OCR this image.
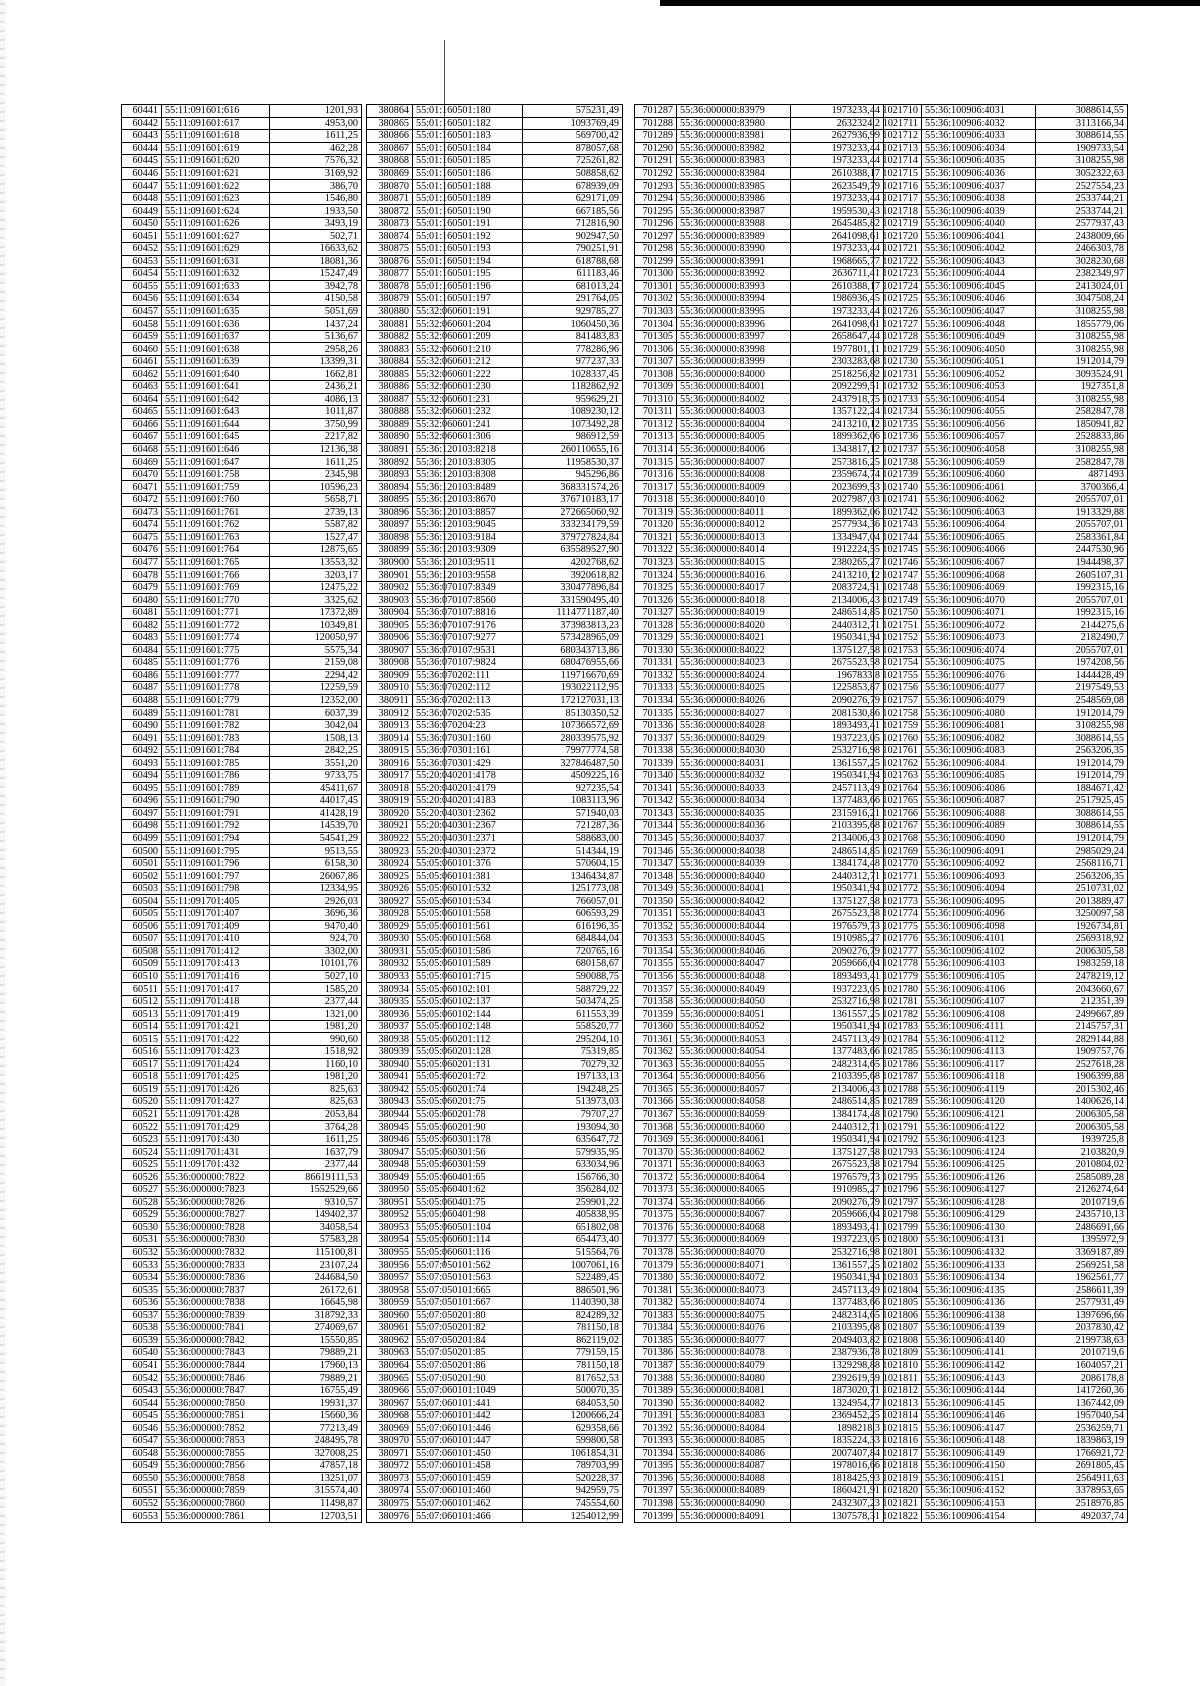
60441	55:11:091601:616	1201,93
60442	55:11:091601:617	4953,00
60443	55:11:091601:618	1611,25
60444	55:11:091601:619	462,28
60445	55:11:091601:620	7576,32
60446	55:11:091601:621	3169,92
60447	55:11:091601:622	386,70
60448	55:11:091601:623	1546,80
60449	55:11:091601:624	1933,50
60450	55:11:091601:626	3493,19
60451	55:11:091601:627	502,71
60452	55:11:091601:629	16633,62
60453	55:11:091601:631	18081,36
60454	55:11:091601:632	15247,49
60455	55:11:091601:633	3942,78
60456	55:11:091601:634	4150,58
60457	55:11:091601:635	5051,69
60458	55:11:091601:636	1437,24
60459	55:11:091601:637	5136,67
60460	55:11:091601:638	2958,26
60461	55:11:091601:639	13399,31
60462	55:11:091601:640	1662,81
60463	55:11:091601:641	2436,21
60464	55:11:091601:642	4086,13
60465	55:11:091601:643	1011,87
60466	55:11:091601:644	3750,99
60467	55:11:091601:645	2217,82
60468	55:11:091601:646	12136,38
60469	55:11:091601:647	1611,25
60470	55:11:091601:758	2345,98
60471	55:11:091601:759	10596,23
60472	55:11:091601:760	5658,71
60473	55:11:091601:761	2739,13
60474	55:11:091601:762	5587,82
60475	55:11:091601:763	1527,47
60476	55:11:091601:764	12875,65
60477	55:11:091601:765	13553,32
60478	55:11:091601:766	3203,17
60479	55:11:091601:769	12475,22
60480	55:11:091601:770	3325,62
60481	55:11:091601:771	17372,89
60482	55:11:091601:772	10349,81
60483	55:11:091601:774	120050,97
60484	55:11:091601:775	5575,34
60485	55:11:091601:776	2159,08
60486	55:11:091601:777	2294,42
60487	55:11:091601:778	12259,59
60488	55:11:091601:779	12352,00
60489	55:11:091601:781	6037,39
60490	55:11:091601:782	3042,04
60491	55:11:091601:783	1508,13
60492	55:11:091601:784	2842,25
60493	55:11:091601:785	3551,20
60494	55:11:091601:786	9733,75
60495	55:11:091601:789	45411,67
60496	55:11:091601:790	44017,45
60497	55:11:091601:791	41428,19
60498	55:11:091601:792	14539,70
60499	55:11:091601:794	54541,29
60500	55:11:091601:795	9513,55
60501	55:11:091601:796	6158,30
60502	55:11:091601:797	26067,86
60503	55:11:091601:798	12334,95
60504	55:11:091701:405	2926,03
60505	55:11:091701:407	3696,36
60506	55:11:091701:409	9470,40
60507	55:11:091701:410	924,70
60508	55:11:091701:412	3302,00
60509	55:11:091701:413	10101,76
60510	55:11:091701:416	5027,10
60511	55:11:091701:417	1585,20
60512	55:11:091701:418	2377,44
60513	55:11:091701:419	1321,00
60514	55:11:091701:421	1981,20
60515	55:11:091701:422	990,60
60516	55:11:091701:423	1518,92
60517	55:11:091701:424	1160,10
60518	55:11:091701:425	1981,20
60519	55:11:091701:426	825,63
60520	55:11:091701:427	825,63
60521	55:11:091701:428	2053,84
60522	55:11:091701:429	3764,28
60523	55:11:091701:430	1611,25
60524	55:11:091701:431	1637,79
60525	55:11:091701:432	2377,44
60526	55:36:000000:7822	86619111,53
60527	55:36:000000:7823	1552529,66
60528	55:36:000000:7826	9310,57
60529	55:36:000000:7827	149402,37
60530	55:36:000000:7828	34058,54
60531	55:36:000000:7830	57583,28
60532	55:36:000000:7832	115100,81
60533	55:36:000000:7833	23107,24
60534	55:36:000000:7836	244684,50
60535	55:36:000000:7837	26172,61
60536	55:36:000000:7838	16645,98
60537	55:36:000000:7839	318792,33
60538	55:36:000000:7841	274069,67
60539	55:36:000000:7842	15550,85
60540	55:36:000000:7843	79889,21
60541	55:36:000000:7844	17960,13
60542	55:36:000000:7846	79889,21
60543	55:36:000000:7847	16755,49
60544	55:36:000000:7850	19931,37
60545	55:36:000000:7851	15660,36
60546	55:36:000000:7852	77213,49
60547	55:36:000000:7853	248495,78
60548	55:36:000000:7855	327008,25
60549	55:36:000000:7856	47857,18
60550	55:36:000000:7858	13251,07
60551	55:36:000000:7859	315574,40
60552	55:36:000000:7860	11498,87
60553	55:36:000000:7861	12703,51
380864	55:01:160501:180	575231,49
380865	55:01:160501:182	1093769,49
380866	55:01:160501:183	569700,42
380867	55:01:160501:184	878057,68
380868	55:01:160501:185	725261,82
380869	55:01:160501:186	508858,62
380870	55:01:160501:188	678939,09
380871	55:01:160501:189	629171,09
380872	55:01:160501:190	667185,56
380873	55:01:160501:191	712816,90
380874	55:01:160501:192	902947,50
380875	55:01:160501:193	790251,91
380876	55:01:160501:194	618788,68
380877	55:01:160501:195	611183,46
380878	55:01:160501:196	681013,24
380879	55:01:160501:197	291764,05
380880	55:32:060601:191	929785,27
380881	55:32:060601:204	1060450,36
380882	55:32:060601:209	841483,83
380883	55:32:060601:210	778286,96
380884	55:32:060601:212	977237,33
380885	55:32:060601:222	1028337,45
380886	55:32:060601:230	1182862,92
380887	55:32:060601:231	959629,21
380888	55:32:060601:232	1089230,12
380889	55:32:060601:241	1073492,28
380890	55:32:060601:306	986912,59
380891	55:36:120103:8218	260110655,16
380892	55:36:120103:8305	11958530,37
380893	55:36:120103:8308	945296,86
380894	55:36:120103:8489	368331574,26
380895	55:36:120103:8670	376710183,17
380896	55:36:120103:8857	272665060,92
380897	55:36:120103:9045	333234179,59
380898	55:36:120103:9184	379727824,84
380899	55:36:120103:9309	635589527,90
380900	55:36:120103:9511	4202768,62
380901	55:36:120103:9558	3920618,82
380902	55:36:070107:8349	330477896,84
380903	55:36:070107:8560	331590495,40
380904	55:36:070107:8816	1114771187,40
380905	55:36:070107:9176	373983813,23
380906	55:36:070107:9277	573428965,09
380907	55:36:070107:9531	680343713,86
380908	55:36:070107:9824	680476955,66
380909	55:36:070202:111	119716670,69
380910	55:36:070202:112	193022112,95
380911	55:36:070202:113	172127031,13
380912	55:36:070202:535	85130350,52
380913	55:36:070204:23	107366572,69
380914	55:36:070301:160	280339575,92
380915	55:36:070301:161	79977774,58
380916	55:36:070301:429	327846487,50
380917	55:20:040201:4178	4509225,16
380918	55:20:040201:4179	927235,54
380919	55:20:040201:4183	1083113,96
380920	55:20:040301:2362	571940,03
380921	55:20:040301:2367	721287,36
380922	55:20:040301:2371	588683,00
380923	55:20:040301:2372	514344,19
380924	55:05:060101:376	570604,15
380925	55:05:060101:381	1346434,87
380926	55:05:060101:532	1251773,08
380927	55:05:060101:534	766057,01
380928	55:05:060101:558	606593,29
380929	55:05:060101:561	616196,35
380930	55:05:060101:568	684844,04
380931	55:05:060101:586	720765,16
380932	55:05:060101:589	680158,67
380933	55:05:060101:715	590088,75
380934	55:05:060102:101	588729,22
380935	55:05:060102:137	503474,25
380936	55:05:060102:144	611553,39
380937	55:05:060102:148	558520,77
380938	55:05:060201:112	295204,10
380939	55:05:060201:128	75319,85
380940	55:05:060201:131	70279,32
380941	55:05:060201:72	197133,13
380942	55:05:060201:74	194248,25
380943	55:05:060201:75	513973,03
380944	55:05:060201:78	79707,27
380945	55:05:060201:90	193094,30
380946	55:05:060301:178	635647,72
380947	55:05:060301:56	579935,95
380948	55:05:060301:59	633034,96
380949	55:05:060401:65	156766,30
380950	55:05:060401:62	356284,02
380951	55:05:060401:75	259901,22
380952	55:05:060401:98	405838,95
380953	55:05:060501:104	651802,08
380954	55:05:060601:114	654473,40
380955	55:05:060601:116	515564,76
380956	55:07:050101:562	1007061,16
380957	55:07:050101:563	522489,45
380958	55:07:050101:665	886501,96
380959	55:07:050101:667	1140390,38
380960	55:07:050201:80	824289,32
380961	55:07:050201:82	781150,18
380962	55:07:050201:84	862119,02
380963	55:07:050201:85	779159,15
380964	55:07:050201:86	781150,18
380965	55:07:050201:90	817652,53
380966	55:07:060101:1049	500070,35
380967	55:07:060101:441	684053,50
380968	55:07:060101:442	1200666,24
380969	55:07:060101:446	629358,66
380970	55:07:060101:447	599800,58
380971	55:07:060101:450	1061854,31
380972	55:07:060101:458	789703,99
380973	55:07:060101:459	520228,37
380974	55:07:060101:460	942959,75
380975	55:07:060101:462	745554,60
380976	55:07:060101:466	1254012,99
701287	55:36:000000:83979	1973233,44
701288	55:36:000000:83980	2632324,2
701289	55:36:000000:83981	2627936,99
701290	55:36:000000:83982	1973233,44
701291	55:36:000000:83983	1973233,44
701292	55:36:000000:83984	2610388,17
701293	55:36:000000:83985	2623549,79
701294	55:36:000000:83986	1973233,44
701295	55:36:000000:83987	1959530,43
701296	55:36:000000:83988	2645485,82
701297	55:36:000000:83989	2641098,61
701298	55:36:000000:83990	1973233,44
701299	55:36:000000:83991	1968665,77
701300	55:36:000000:83992	2636711,41
701301	55:36:000000:83993	2610388,17
701302	55:36:000000:83994	1986936,45
701303	55:36:000000:83995	1973233,44
701304	55:36:000000:83996	2641098,61
701305	55:36:000000:83997	2658647,44
701306	55:36:000000:83998	1977801,11
701307	55:36:000000:83999	2303283,68
701308	55:36:000000:84000	2518256,82
701309	55:36:000000:84001	2092299,51
701310	55:36:000000:84002	2437918,75
701311	55:36:000000:84003	1357122,24
701312	55:36:000000:84004	2413210,12
701313	55:36:000000:84005	1899362,06
701314	55:36:000000:84006	1343817,12
701315	55:36:000000:84007	2573816,25
701316	55:36:000000:84008	2359674,74
701317	55:36:000000:84009	2023699,53
701318	55:36:000000:84010	2027987,03
701319	55:36:000000:84011	1899362,06
701320	55:36:000000:84012	2577934,36
701321	55:36:000000:84013	1334947,04
701322	55:36:000000:84014	1912224,55
701323	55:36:000000:84015	2380265,27
701324	55:36:000000:84016	2413210,12
701325	55:36:000000:84017	2083724,51
701326	55:36:000000:84018	2134006,43
701327	55:36:000000:84019	2486514,85
701328	55:36:000000:84020	2440312,71
701329	55:36:000000:84021	1950341,94
701330	55:36:000000:84022	1375127,58
701331	55:36:000000:84023	2675523,58
701332	55:36:000000:84024	1967833,8
701333	55:36:000000:84025	1225853,87
701334	55:36:000000:84026	2090276,79
701335	55:36:000000:84027	2081530,86
701336	55:36:000000:84028	1893493,41
701337	55:36:000000:84029	1937223,05
701338	55:36:000000:84030	2532716,98
701339	55:36:000000:84031	1361557,25
701340	55:36:000000:84032	1950341,94
701341	55:36:000000:84033	2457113,49
701342	55:36:000000:84034	1377483,66
701343	55:36:000000:84035	2315916,21
701344	55:36:000000:84036	2103395,68
701345	55:36:000000:84037	2134006,43
701346	55:36:000000:84038	2486514,85
701347	55:36:000000:84039	1384174,48
701348	55:36:000000:84040	2440312,71
701349	55:36:000000:84041	1950341,94
701350	55:36:000000:84042	1375127,58
701351	55:36:000000:84043	2675523,58
701352	55:36:000000:84044	1976579,73
701353	55:36:000000:84045	1910985,27
701354	55:36:000000:84046	2090276,79
701355	55:36:000000:84047	2059666,04
701356	55:36:000000:84048	1893493,41
701357	55:36:000000:84049	1937223,05
701358	55:36:000000:84050	2532716,98
701359	55:36:000000:84051	1361557,25
701360	55:36:000000:84052	1950341,94
701361	55:36:000000:84053	2457113,49
701362	55:36:000000:84054	1377483,66
701363	55:36:000000:84055	2482314,65
701364	55:36:000000:84056	2103395,68
701365	55:36:000000:84057	2134006,43
701366	55:36:000000:84058	2486514,85
701367	55:36:000000:84059	1384174,48
701368	55:36:000000:84060	2440312,71
701369	55:36:000000:84061	1950341,94
701370	55:36:000000:84062	1375127,58
701371	55:36:000000:84063	2675523,58
701372	55:36:000000:84064	1976579,73
701373	55:36:000000:84065	1910985,27
701374	55:36:000000:84066	2090276,79
701375	55:36:000000:84067	2059666,04
701376	55:36:000000:84068	1893493,41
701377	55:36:000000:84069	1937223,05
701378	55:36:000000:84070	2532716,98
701379	55:36:000000:84071	1361557,25
701380	55:36:000000:84072	1950341,94
701381	55:36:000000:84073	2457113,49
701382	55:36:000000:84074	1377483,66
701383	55:36:000000:84075	2482314,65
701384	55:36:000000:84076	2103395,68
701385	55:36:000000:84077	2049403,82
701386	55:36:000000:84078	2387936,78
701387	55:36:000000:84079	1329298,88
701388	55:36:000000:84080	2392619,59
701389	55:36:000000:84081	1873020,71
701390	55:36:000000:84082	1324954,77
701391	55:36:000000:84083	2369452,25
701392	55:36:000000:84084	1898218,3
701393	55:36:000000:84085	1835224,33
701394	55:36:000000:84086	2007407,84
701395	55:36:000000:84087	1978016,66
701396	55:36:000000:84088	1818425,93
701397	55:36:000000:84089	1860421,91
701398	55:36:000000:84090	2432307,23
701399	55:36:000000:84091	1307578,31
1021710	55:36:100906:4031	3088614,55
1021711	55:36:100906:4032	3113166,34
1021712	55:36:100906:4033	3088614,55
1021713	55:36:100906:4034	1909733,54
1021714	55:36:100906:4035	3108255,98
1021715	55:36:100906:4036	3052322,63
1021716	55:36:100906:4037	2527554,23
1021717	55:36:100906:4038	2533744,21
1021718	55:36:100906:4039	2533744,21
1021719	55:36:100906:4040	2577937,43
1021720	55:36:100906:4041	2438009,66
1021721	55:36:100906:4042	2466303,78
1021722	55:36:100906:4043	3028230,68
1021723	55:36:100906:4044	2382349,97
1021724	55:36:100906:4045	2413024,01
1021725	55:36:100906:4046	3047508,24
1021726	55:36:100906:4047	3108255,98
1021727	55:36:100906:4048	1855779,06
1021728	55:36:100906:4049	3108255,98
1021729	55:36:100906:4050	3108255,98
1021730	55:36:100906:4051	1912014,79
1021731	55:36:100906:4052	3093524,91
1021732	55:36:100906:4053	1927351,8
1021733	55:36:100906:4054	3108255,98
1021734	55:36:100906:4055	2582847,78
1021735	55:36:100906:4056	1850941,82
1021736	55:36:100906:4057	2528833,86
1021737	55:36:100906:4058	3108255,98
1021738	55:36:100906:4059	2582847,78
1021739	55:36:100906:4060	4871493
1021740	55:36:100906:4061	3700366,4
1021741	55:36:100906:4062	2055707,01
1021742	55:36:100906:4063	1913329,88
1021743	55:36:100906:4064	2055707,01
1021744	55:36:100906:4065	2583361,84
1021745	55:36:100906:4066	2447530,96
1021746	55:36:100906:4067	1944498,37
1021747	55:36:100906:4068	2605107,31
1021748	55:36:100906:4069	1992315,16
1021749	55:36:100906:4070	2055707,01
1021750	55:36:100906:4071	1992315,16
1021751	55:36:100906:4072	2144275,6
1021752	55:36:100906:4073	2182490,7
1021753	55:36:100906:4074	2055707,01
1021754	55:36:100906:4075	1974208,56
1021755	55:36:100906:4076	1444428,49
1021756	55:36:100906:4077	2197549,53
1021757	55:36:100906:4079	2548569,08
1021758	55:36:100906:4080	1912014,79
1021759	55:36:100906:4081	3108255,98
1021760	55:36:100906:4082	3088614,55
1021761	55:36:100906:4083	2563206,35
1021762	55:36:100906:4084	1912014,79
1021763	55:36:100906:4085	1912014,79
1021764	55:36:100906:4086	1884671,42
1021765	55:36:100906:4087	2517925,45
1021766	55:36:100906:4088	3088614,55
1021767	55:36:100906:4089	3088614,55
1021768	55:36:100906:4090	1912014,79
1021769	55:36:100906:4091	2985029,24
1021770	55:36:100906:4092	2568116,71
1021771	55:36:100906:4093	2563206,35
1021772	55:36:100906:4094	2510731,02
1021773	55:36:100906:4095	2013889,47
1021774	55:36:100906:4096	3250097,58
1021775	55:36:100906:4098	1926734,81
1021776	55:36:100906:4101	2569318,92
1021777	55:36:100906:4102	2006305,58
1021778	55:36:100906:4103	1983259,18
1021779	55:36:100906:4105	2478219,12
1021780	55:36:100906:4106	2043660,67
1021781	55:36:100906:4107	212351,39
1021782	55:36:100906:4108	2499667,89
1021783	55:36:100906:4111	2145757,31
1021784	55:36:100906:4112	2829144,88
1021785	55:36:100906:4113	1909757,76
1021786	55:36:100906:4117	2527618,28
1021787	55:36:100906:4118	1906399,88
1021788	55:36:100906:4119	2015302,46
1021789	55:36:100906:4120	1400626,14
1021790	55:36:100906:4121	2006305,58
1021791	55:36:100906:4122	2006305,58
1021792	55:36:100906:4123	1939725,8
1021793	55:36:100906:4124	2103820,9
1021794	55:36:100906:4125	2010804,02
1021795	55:36:100906:4126	2585089,28
1021796	55:36:100906:4127	2126274,64
1021797	55:36:100906:4128	2010719,6
1021798	55:36:100906:4129	2435710,13
1021799	55:36:100906:4130	2486691,66
1021800	55:36:100906:4131	1395972,9
1021801	55:36:100906:4132	3369187,89
1021802	55:36:100906:4133	2569251,58
1021803	55:36:100906:4134	1962561,77
1021804	55:36:100906:4135	2586611,39
1021805	55:36:100906:4136	2577931,49
1021806	55:36:100906:4138	1397696,66
1021807	55:36:100906:4139	2037830,42
1021808	55:36:100906:4140	2199738,63
1021809	55:36:100906:4141	2010719,6
1021810	55:36:100906:4142	1604057,21
1021811	55:36:100906:4143	2086178,8
1021812	55:36:100906:4144	1417260,36
1021813	55:36:100906:4145	1367442,09
1021814	55:36:100906:4146	1957040,54
1021815	55:36:100906:4147	2536259,71
1021816	55:36:100906:4148	1839863,19
1021817	55:36:100906:4149	1766921,72
1021818	55:36:100906:4150	2691805,45
1021819	55:36:100906:4151	2564911,63
1021820	55:36:100906:4152	3378953,65
1021821	55:36:100906:4153	2518976,85
1021822	55:36:100906:4154	492037,74
